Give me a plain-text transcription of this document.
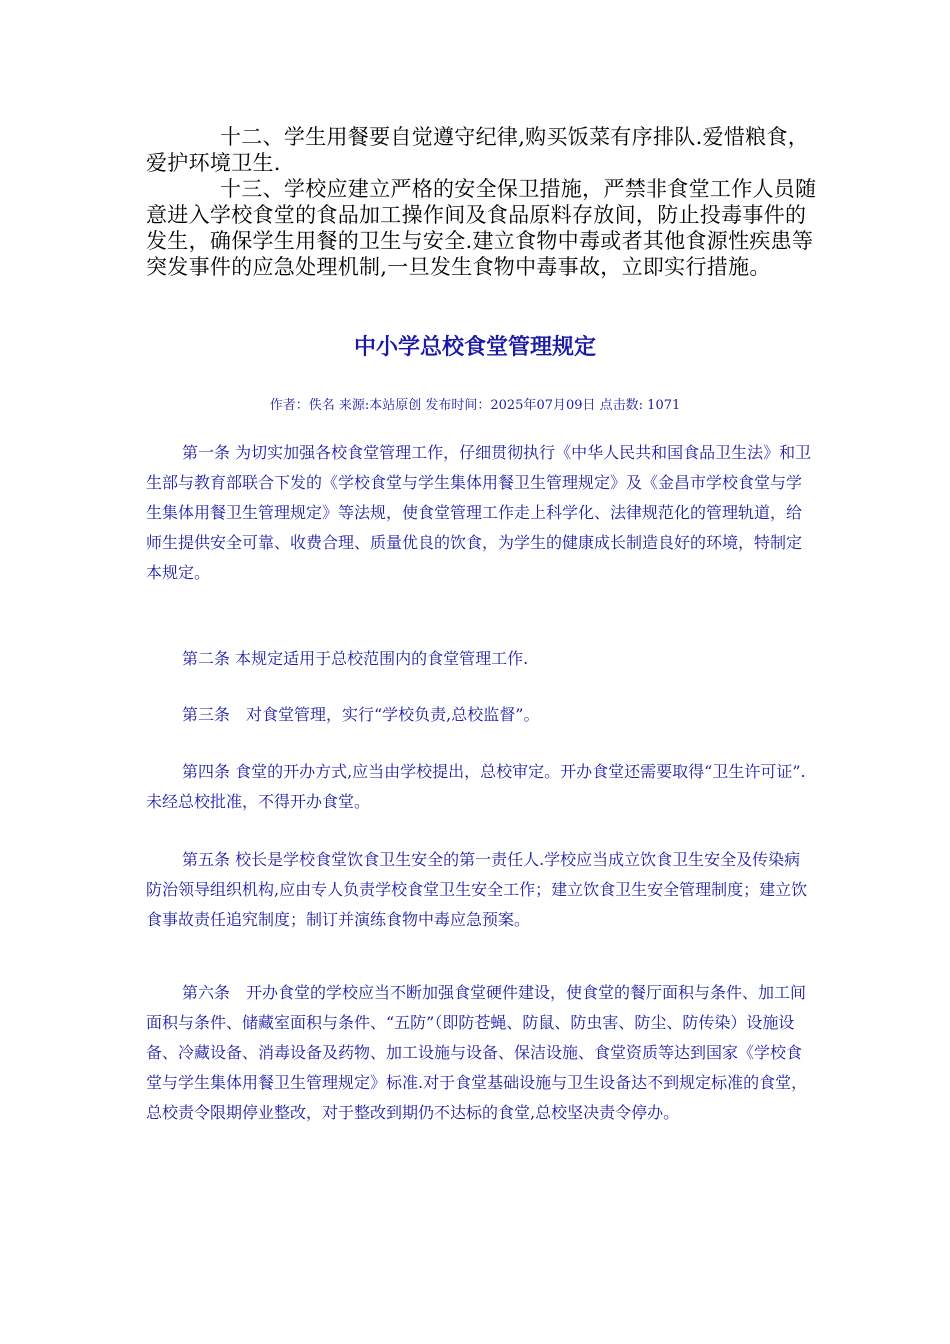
十二、学生用餐要自觉遵守纪律,购买饭菜有序排队.爱惜粮食，爱护环境卫生.

十三、学校应建立严格的安全保卫措施，严禁非食堂工作人员随意进入学校食堂的食品加工操作间及食品原料存放间，防止投毒事件的发生，确保学生用餐的卫生与安全.建立食物中毒或者其他食源性疾患等突发事件的应急处理机制,一旦发生食物中毒事故，立即实行措施。

中小学总校食堂管理规定

作者：佚名 来源:本站原创 发布时间：2025年07月09日 点击数: 1071

第一条 为切实加强各校食堂管理工作，仔细贯彻执行《中华人民共和国食品卫生法》和卫生部与教育部联合下发的《学校食堂与学生集体用餐卫生管理规定》及《金昌市学校食堂与学生集体用餐卫生管理规定》等法规，使食堂管理工作走上科学化、法律规范化的管理轨道，给师生提供安全可靠、收费合理、质量优良的饮食，为学生的健康成长制造良好的环境，特制定本规定。

第二条 本规定适用于总校范围内的食堂管理工作.

第三条　对食堂管理，实行“学校负责,总校监督”。

第四条 食堂的开办方式,应当由学校提出，总校审定。开办食堂还需要取得“卫生许可证”.未经总校批准，不得开办食堂。

第五条 校长是学校食堂饮食卫生安全的第一责任人.学校应当成立饮食卫生安全及传染病防治领导组织机构,应由专人负责学校食堂卫生安全工作；建立饮食卫生安全管理制度；建立饮食事故责任追究制度；制订并演练食物中毒应急预案。

第六条　开办食堂的学校应当不断加强食堂硬件建设，使食堂的餐厅面积与条件、加工间面积与条件、储藏室面积与条件、“五防”（即防苍蝇、防鼠、防虫害、防尘、防传染）设施设备、冷藏设备、消毒设备及药物、加工设施与设备、保洁设施、食堂资质等达到国家《学校食堂与学生集体用餐卫生管理规定》标准.对于食堂基础设施与卫生设备达不到规定标准的食堂，总校责令限期停业整改，对于整改到期仍不达标的食堂,总校坚决责令停办。
